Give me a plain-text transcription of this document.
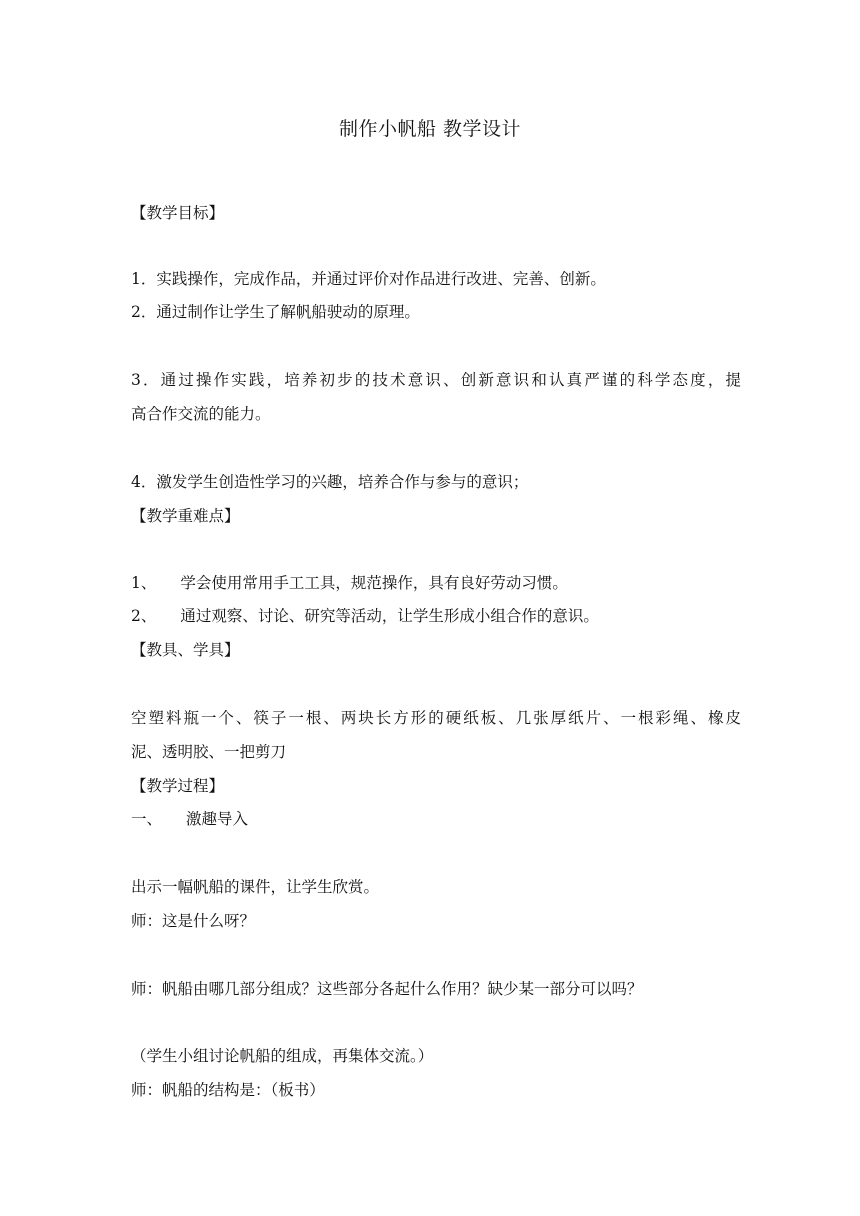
制作小帆船 教学设计
【教学目标】
1．实践操作，完成作品，并通过评价对作品进行改进、完善、创新。
2．通过制作让学生了解帆船驶动的原理。
3．通过操作实践，培养初步的技术意识、创新意识和认真严谨的科学态度，提
高合作交流的能力。
4．激发学生创造性学习的兴趣，培养合作与参与的意识；
【教学重难点】
1、 学会使用常用手工工具，规范操作，具有良好劳动习惯。
2、 通过观察、讨论、研究等活动，让学生形成小组合作的意识。
【教具、学具】
空塑料瓶一个、筷子一根、两块长方形的硬纸板、几张厚纸片、一根彩绳、橡皮
泥、透明胶、一把剪刀
【教学过程】
一、 激趣导入
出示一幅帆船的课件，让学生欣赏。
师：这是什么呀？
师：帆船由哪几部分组成？这些部分各起什么作用？缺少某一部分可以吗？
（学生小组讨论帆船的组成，再集体交流。）
师：帆船的结构是：（板书）
